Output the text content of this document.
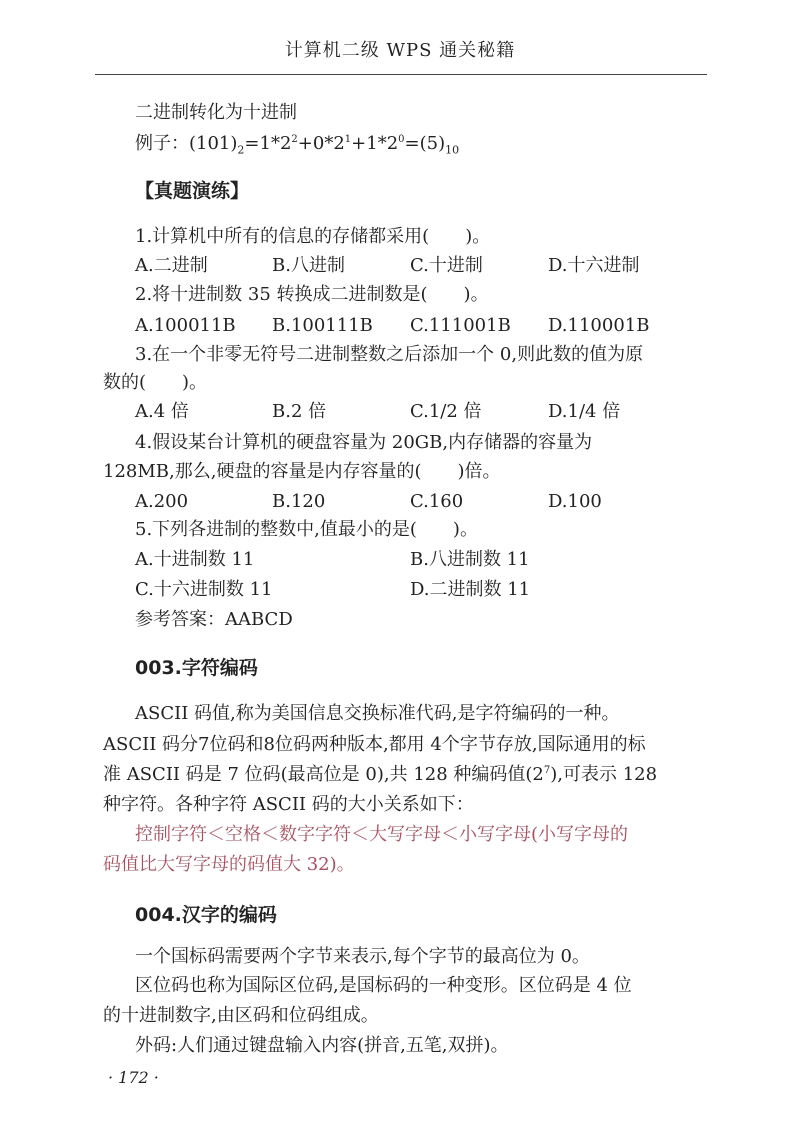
计算机二级 WPS 通关秘籍
二进制转化为十进制
例子：$(101)_2=1*2^2+0*2^1+1*2^0=(5)_{10}$
【真题演练】
1.计算机中所有的信息的存储都采用(　　)。
A.二进制	B.八进制	C.十进制	D.十六进制
2.将十进制数 35 转换成二进制数是(　　)。
A.100011B B.100111B C.111001B D.110001B
3.在一个非零无符号二进制整数之后添加一个 0,则此数的值为原
数的(　　)。
A.4 倍	B.2 倍	C.1/2 倍	D.1/4 倍
4.假设某台计算机的硬盘容量为 20GB,内存储器的容量为
128MB,那么,硬盘的容量是内存容量的(　　)倍。
A.200	B.120	C.160	D.100
5.下列各进制的整数中,值最小的是(　　)。
A.十进制数 11	B.八进制数 11
C.十六进制数 11	D.二进制数 11
参考答案：AABCD
003.字符编码
ASCII 码值,称为美国信息交换标准代码,是字符编码的一种。
ASCII 码分7位码和8位码两种版本,都用 4个字节存放,国际通用的标
准 ASCII 码是 7 位码(最高位是 0),共 128 种编码值$(2^7)$,可表示 128
种字符。各种字符 ASCII 码的大小关系如下：
控制字符＜空格＜数字字符＜大写字母＜小写字母(小写字母的
码值比大写字母的码值大 32)。
004.汉字的编码
一个国标码需要两个字节来表示,每个字节的最高位为 0。
区位码也称为国际区位码,是国标码的一种变形。区位码是 4 位
的十进制数字,由区码和位码组成。
外码:人们通过键盘输入内容(拼音,五笔,双拼)。
· 172 ·
